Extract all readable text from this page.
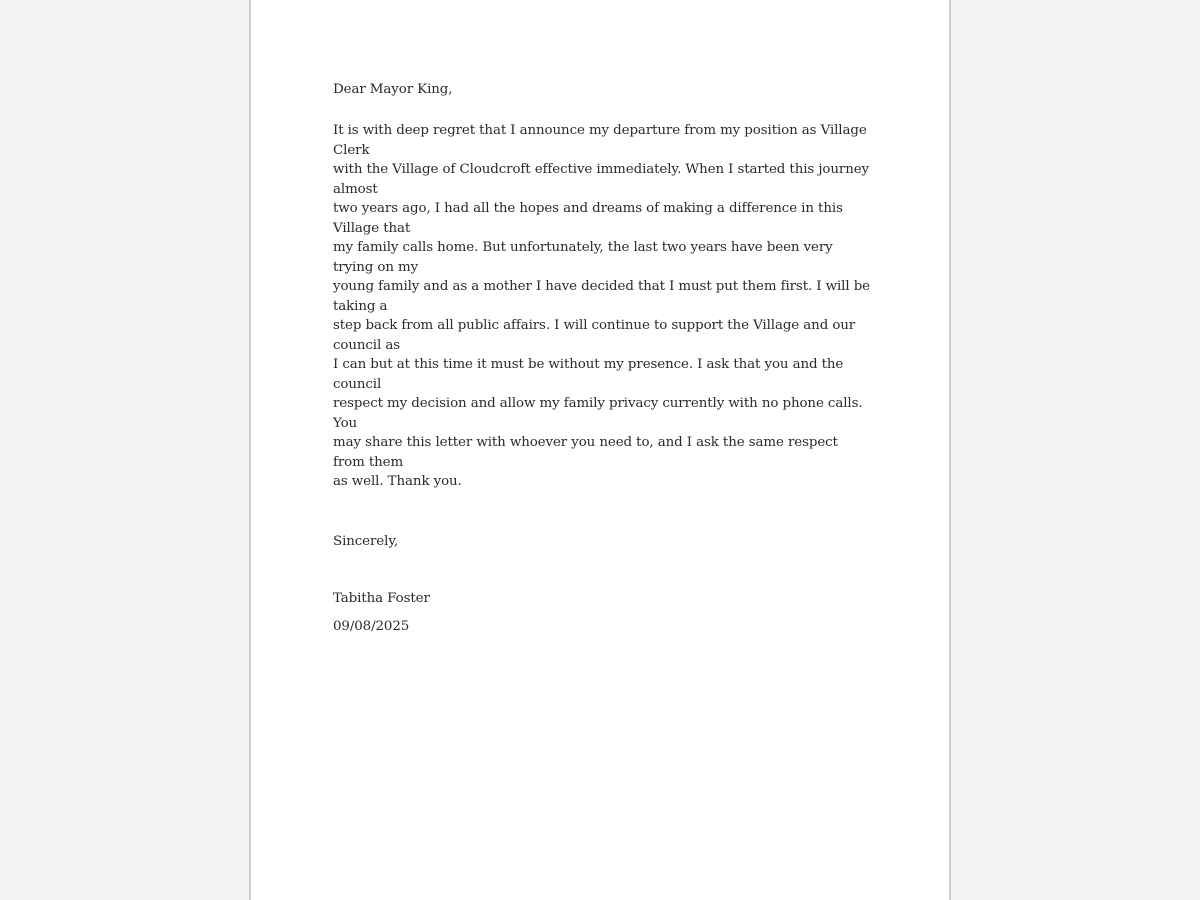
Dear Mayor King,

It is with deep regret that I announce my departure from my position as Village Clerk
with the Village of Cloudcroft effective immediately. When I started this journey almost
two years ago, I had all the hopes and dreams of making a difference in this Village that
my family calls home. But unfortunately, the last two years have been very trying on my
young family and as a mother I have decided that I must put them first. I will be taking a
step back from all public affairs. I will continue to support the Village and our council as
I can but at this time it must be without my presence. I ask that you and the council
respect my decision and allow my family privacy currently with no phone calls. You
may share this letter with whoever you need to, and I ask the same respect from them
as well. Thank you.

Sincerely,

Tabitha Foster

09/08/2025
